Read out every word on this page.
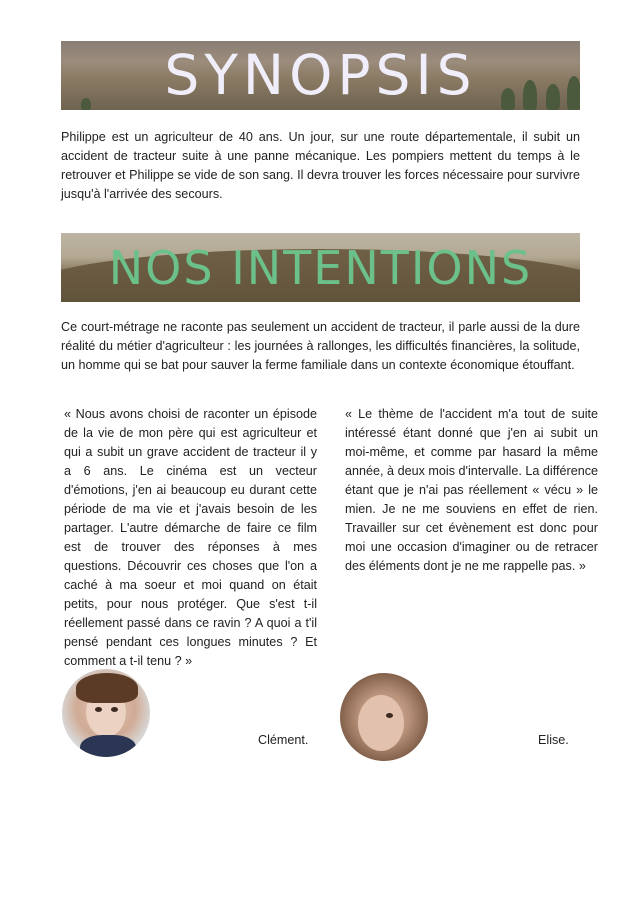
SYNOPSIS

Philippe est un agriculteur de 40 ans. Un jour, sur une route départementale, il subit un accident de tracteur suite à une panne mécanique. Les pompiers mettent du temps à le retrouver et Philippe se vide de son sang. Il devra trouver les forces nécessaire pour survivre jusqu'à l'arrivée des secours.

NOS INTENTIONS

Ce court-métrage ne raconte pas seulement un accident de tracteur, il parle aussi de la dure réalité du métier d'agriculteur : les journées à rallonges, les difficultés financières, la solitude, un homme qui se bat pour sauver la ferme familiale dans un contexte économique étouffant.

« Nous avons choisi de raconter un épisode de la vie de mon père qui est agriculteur et qui a subit un grave accident de tracteur il y a 6 ans. Le cinéma est un vecteur d'émotions, j'en ai beaucoup eu durant cette période de ma vie et j'avais besoin de les partager. L'autre démarche de faire ce film est de trouver des réponses à mes questions. Découvrir ces choses que l'on a caché à ma soeur et moi quand on était petits, pour nous protéger. Que s'est t-il réellement passé dans ce ravin ? A quoi a t'il pensé pendant ces longues minutes ? Et comment a t-il tenu ? »

« Le thème de l'accident m'a tout de suite intéressé étant donné que j'en ai subit un moi-même, et comme par hasard la même année, à deux mois d'intervalle. La différence étant que je n'ai pas réellement « vécu » le mien. Je ne me souviens en effet de rien. Travailler sur cet évènement est donc pour moi une occasion d'imaginer ou de retracer des éléments dont je ne me rappelle pas. »

Clément.	Elise.
